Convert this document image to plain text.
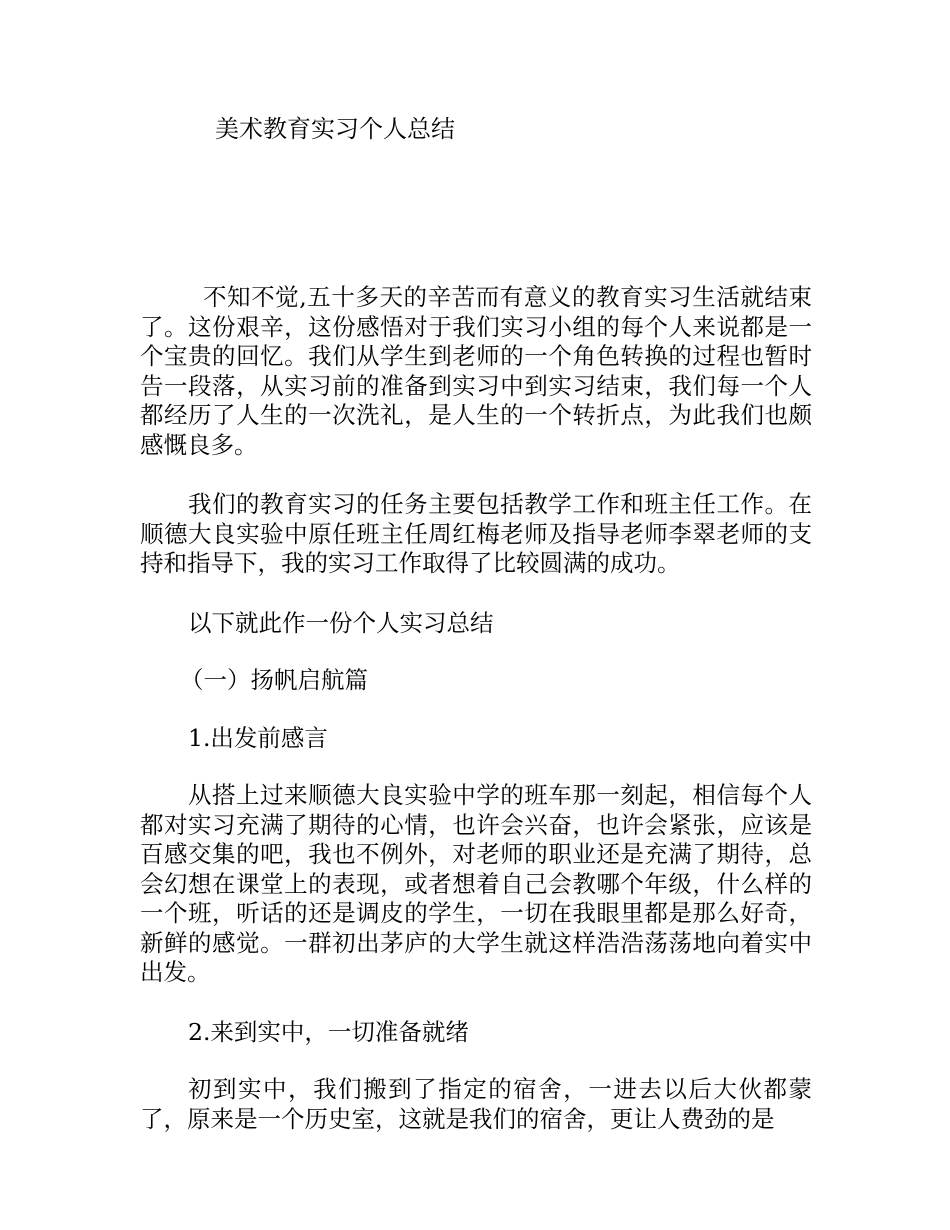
美术教育实习个人总结

不知不觉,五十多天的辛苦而有意义的教育实习生活就结束了。这份艰辛，这份感悟对于我们实习小组的每个人来说都是一个宝贵的回忆。我们从学生到老师的一个角色转换的过程也暂时告一段落，从实习前的准备到实习中到实习结束，我们每一个人都经历了人生的一次洗礼，是人生的一个转折点，为此我们也颇感慨良多。

我们的教育实习的任务主要包括教学工作和班主任工作。在顺德大良实验中原任班主任周红梅老师及指导老师李翠老师的支持和指导下，我的实习工作取得了比较圆满的成功。

以下就此作一份个人实习总结

（一）扬帆启航篇

1.出发前感言

从搭上过来顺德大良实验中学的班车那一刻起，相信每个人都对实习充满了期待的心情，也许会兴奋，也许会紧张，应该是百感交集的吧，我也不例外，对老师的职业还是充满了期待，总会幻想在课堂上的表现，或者想着自己会教哪个年级，什么样的一个班，听话的还是调皮的学生，一切在我眼里都是那么好奇，新鲜的感觉。一群初出茅庐的大学生就这样浩浩荡荡地向着实中出发。

2.来到实中，一切准备就绪

初到实中，我们搬到了指定的宿舍，一进去以后大伙都蒙了，原来是一个历史室，这就是我们的宿舍，更让人费劲的是
